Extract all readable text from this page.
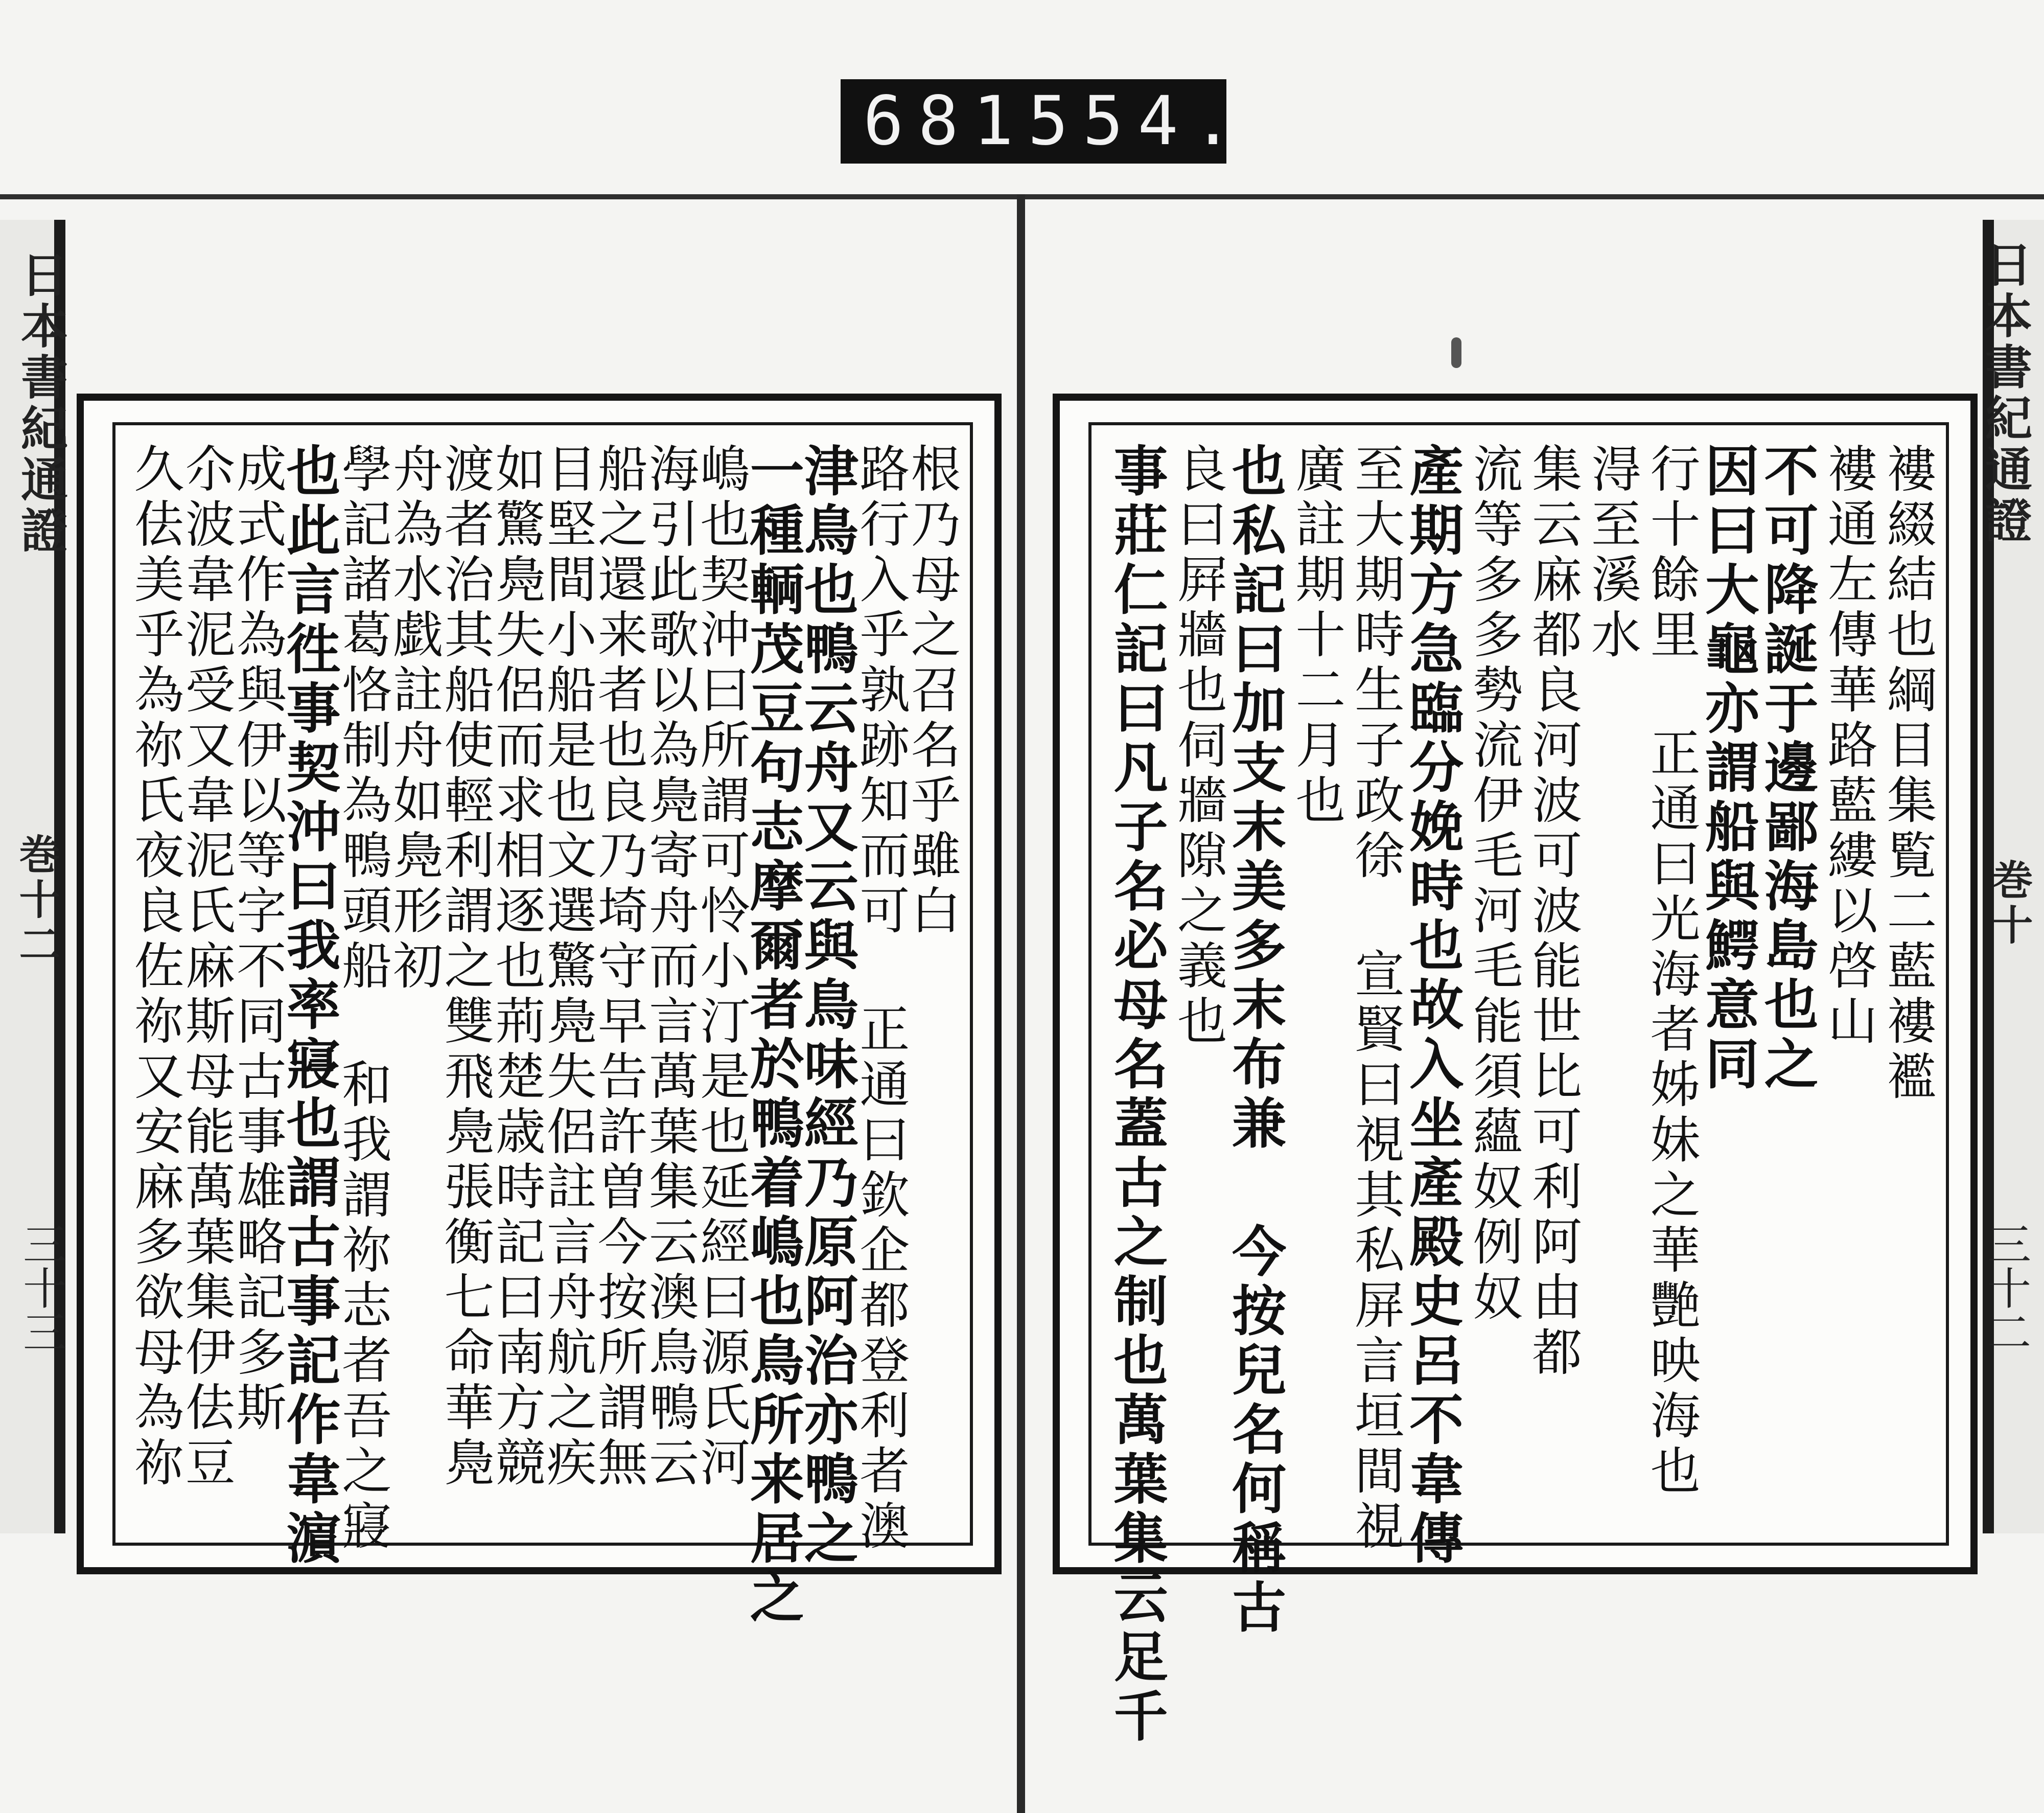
681 554.
日本書紀通證
巻十二
三十三
日本書紀通證
巻十
三十二
根乃母之召名乎雖白
路行入乎孰跡知而可 正通曰欽企都登利者澳
津鳥也鴨云舟又云與鳥味經乃原阿治亦鴨之
一種輌茂豆句志摩爾者於鴨着嶋也鳥所来居之
嶋也契沖曰所謂可怜小汀是也延經曰源氏河
海引此歌以為鳧寄舟而言萬葉集云澳鳥鴨云
船之還来者也良乃埼守早告許曽今按所謂無
目堅間小船是也文選驚鳧失侶註言舟航之疾
如驚鳧失侶而求相逐也荊楚歳時記曰南方競
渡者治其船使輕利謂之雙飛鳧張衡七命華鳧
舟為水戯註舟如鳧形初
學記諸葛恪制為鴨頭船 和我謂祢志者吾之寢
也此言徃事契沖曰我率寢也謂古事記作韋濵
成式作為與伊以等字不同古事雄略記多斯
尒波韋泥受又韋泥氏麻斯母能萬葉集伊佉豆
久佉美乎為祢氏夜良佐祢又安麻多欲母為祢	褸綴結也綱目集覧二藍褸襤
褸通左傳華路藍縷以啓山
不可降誕于邊鄙海島也之
因曰大龜亦謂船與鰐意同
行十餘里 正通曰光海者姊妹之華艷映海也
淂至溪水
集云麻都良河波可波能世比可利阿由都
流等多多勢流伊毛河毛能須蘊奴例奴
產期方急臨分娩時也故入坐產殿史呂不韋傳
至大期時生子政徐 宣賢曰視其私屏言垣間視
廣註期十二月也
也私記曰加支末美多末布兼 今按兒名何稱古
良曰屛牆也伺牆隙之義也
事莊仁記曰凡子名必母名蓋古之制也萬葉集云足千
